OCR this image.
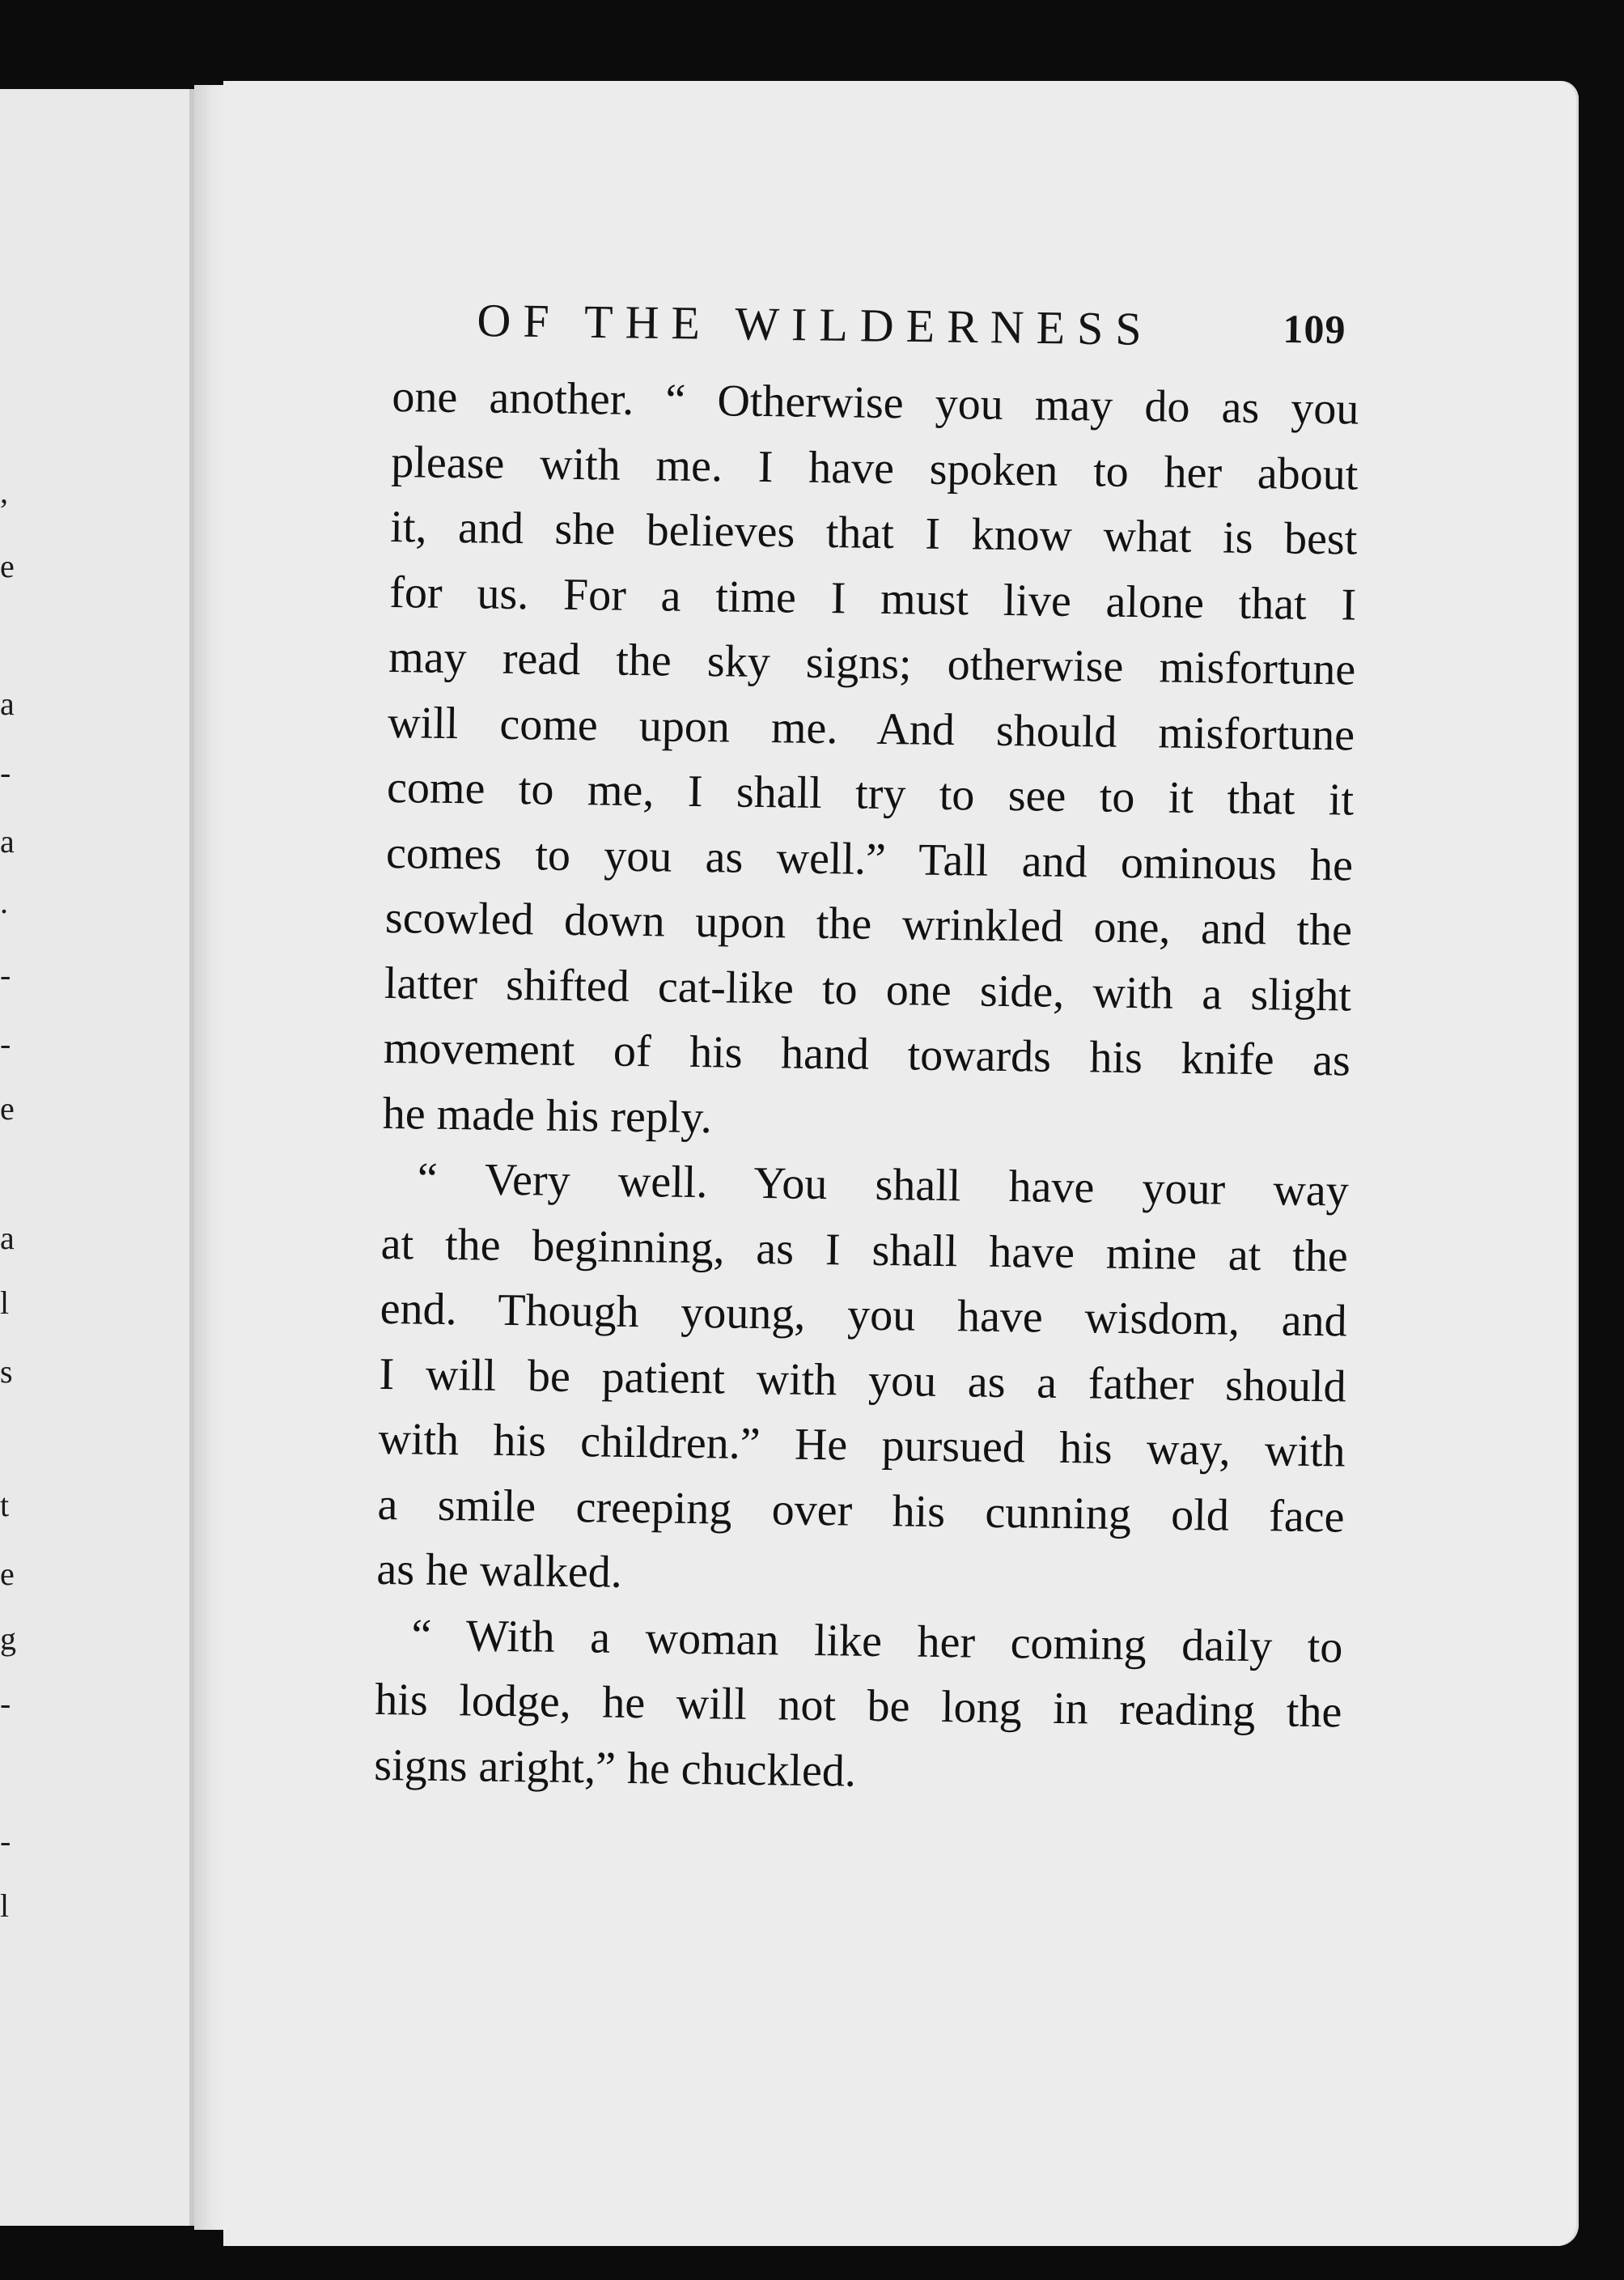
,
e
a
-
a
.
-
-
e
a
l
s
t
e
g
-
-
l
OF THE WILDERNESS	109
one another. “ Otherwise you may do as you
please with me. I have spoken to her about
it, and she believes that I know what is best
for us. For a time I must live alone that I
may read the sky signs; otherwise misfortune
will come upon me. And should misfortune
come to me, I shall try to see to it that it
comes to you as well.” Tall and ominous he
scowled down upon the wrinkled one, and the
latter shifted cat-like to one side, with a slight
movement of his hand towards his knife as
he made his reply.
“ Very well. You shall have your way
at the beginning, as I shall have mine at the
end. Though young, you have wisdom, and
I will be patient with you as a father should
with his children.” He pursued his way, with
a smile creeping over his cunning old face
as he walked.
“ With a woman like her coming daily to
his lodge, he will not be long in reading the
signs aright,” he chuckled.
